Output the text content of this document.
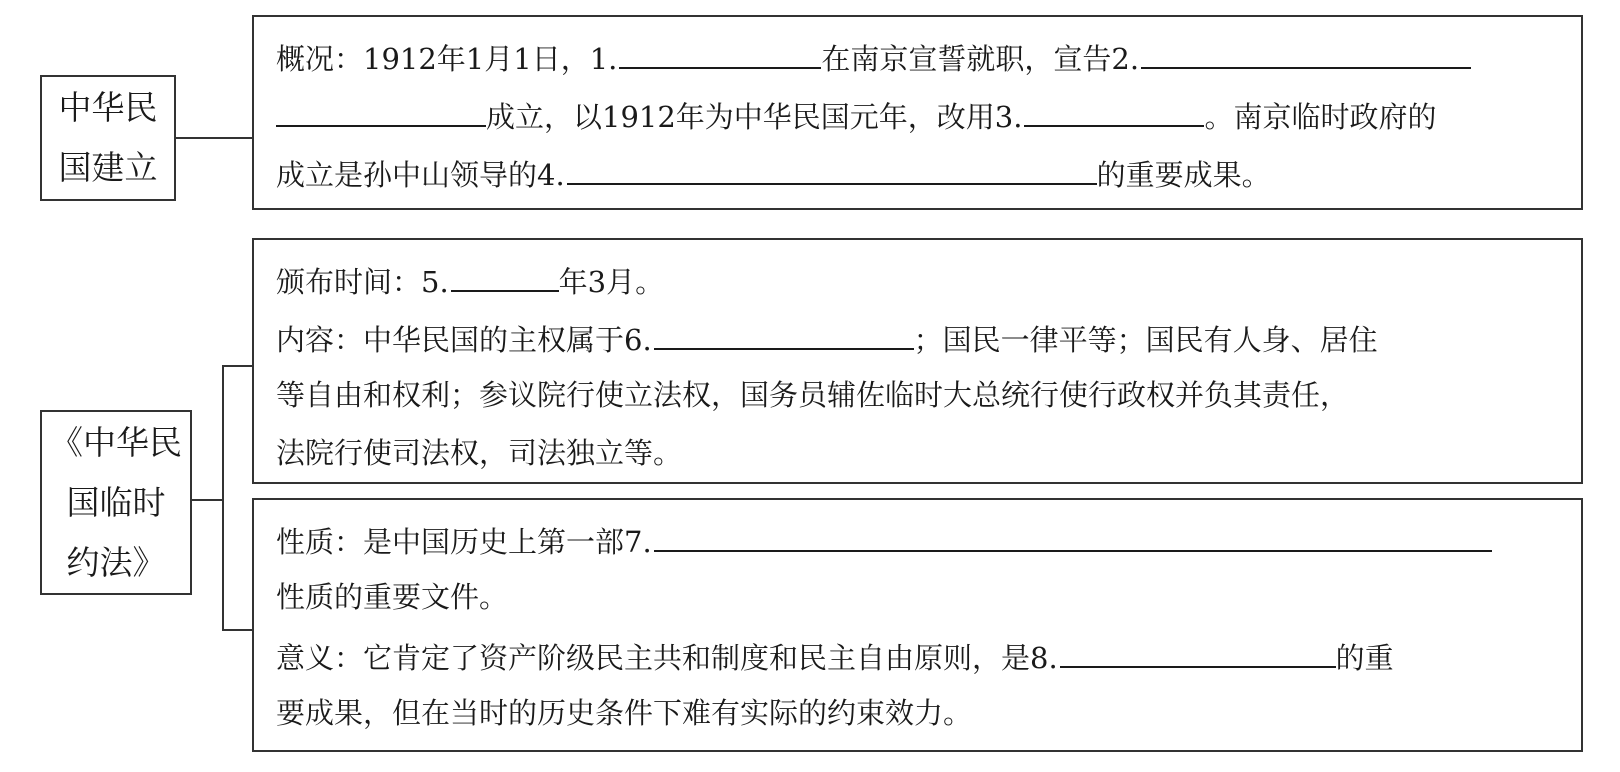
中华民
国建立
概况：1912年1月1日，1.	在南京宣誓就职，宣告2.
成立，以1912年为中华民国元年，改用3.	。南京临时政府的
成立是孙中山领导的4.	的重要成果。
《中华民
国临时
约法》
颁布时间：5.	年3月。
内容：中华民国的主权属于6.	；国民一律平等；国民有人身、居住
等自由和权利；参议院行使立法权，国务员辅佐临时大总统行使行政权并负其责任，
法院行使司法权，司法独立等。
性质：是中国历史上第一部7.
性质的重要文件。
意义：它肯定了资产阶级民主共和制度和民主自由原则，是8.	的重
要成果，但在当时的历史条件下难有实际的约束效力。
